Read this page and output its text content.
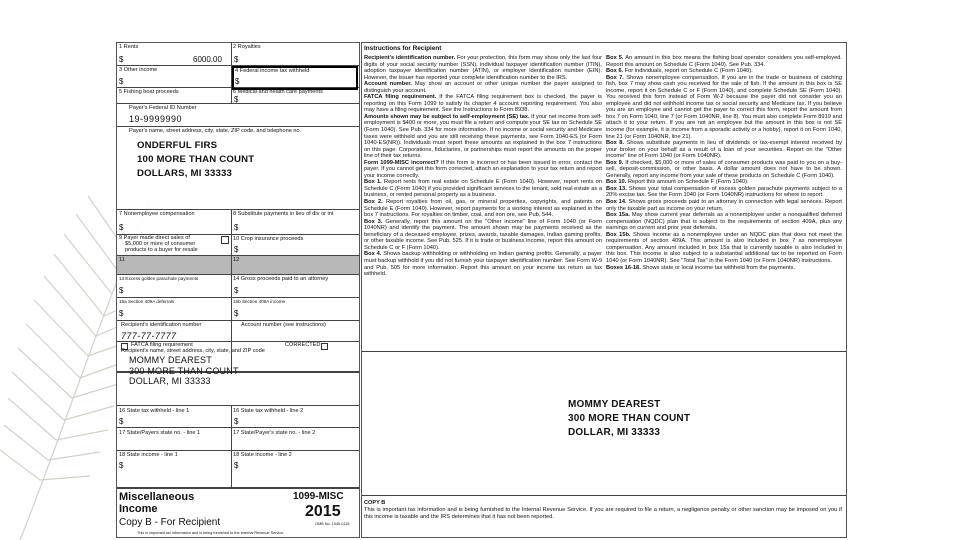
1 Rents
$	6000.00
2 Royalties
$
3 Other income
$
4 Federal income tax withheld
$
5 Fishing boat proceeds	6 Medical and health care payments
$
Payer's Federal ID Number
19-9999990
Payer's name, street address, city, state, ZIP code, and telephone no.
ONDERFUL FIRS
100 MORE THAN COUNT
DOLLARS, MI 33333
7 Nonemployee compensation
$
8 Substitute payments in lieu of div or int
$
9 Payer made direct sales of
$5,000 or more of consumer
products to a buyer for resale
10 Crop insurance proceeds
$
11	12
13 Excess golden parachute payments
$
14 Gross proceeds paid to an attorney
$
15a Section 409A deferrals
$
15b Section 409A income
$
Recipient's identification number	Account number (see instructions)
777-77-7777
FATCA filing requirement	CORRECTED
Recipient's name, street address, city, state, and ZIP code
MOMMY DEAREST
300 MORE THAN COUNT
DOLLAR, MI 33333
16 State tax withheld - line 1
$
16 State tax withheld - line 2
$
17 State/Payers state no. - line 1	17 State/Payer's state no. - line 2
18 State income - line 1
$
18 State income - line 2
$
Miscellaneous
Income
1099-MISC
2015
Copy B - For Recipient	OMB No. 1545-0115
This is important tax information and is being furnished to the Internal Revenue Service.
Instructions for Recipient
Recipient's identification number. For your protection, this form may show only the last four digits of your social security number (SSN), individual taxpayer identification number (ITIN), adoption taxpayer identification number (ATIN), or employer identification number (EIN). However, the issuer has reported your complete identification number to the IRS.
Account number. May show an account or other unique number the payer assigned to distinguish your account.
FATCA filing requirement. If the FATCA filing requirement box is checked, the payer is reporting on this Form 1099 to satisfy its chapter 4 account reporting requirement. You also may have a filing requirement. See the Instructions to Form 8938.
Amounts shown may be subject to self-employment (SE) tax. If your net income from self-employment is $400 or more, you must file a return and compute your SE tax on Schedule SE (Form 1040). See Pub. 334 for more information. If no income or social security and Medicare taxes were withheld and you are still receiving these payments, see Form 1040-ES (or Form 1040-ES(NR)). Individuals must report these amounts as explained in the box 7 instructions on this page. Corporations, fiduciaries, or partnerships must report the amounts on the proper line of their tax returns.
Form 1099-MISC incorrect? If this form is incorrect or has been issued in error, contact the payer. If you cannot get this form corrected, attach an explanation to your tax return and report your income correctly.
Box 1. Report rents from real estate on Schedule E (Form 1040). However, report rents on Schedule C (Form 1040) if you provided significant services to the tenant, sold real estate as a business, or rented personal property as a business.
Box 2. Report royalties from oil, gas, or mineral properties, copyrights, and patents on Schedule E (Form 1040). However, report payments for a working interest as explained in the box 7 instructions. For royalties on timber, coal, and iron ore, see Pub. 544.
Box 3. Generally, report this amount on the "Other income" line of Form 1040 (or Form 1040NR) and identify the payment. The amount shown may be payments received as the beneficiary of a deceased employee, prizes, awards, taxable damages, Indian gaming profits, or other taxable income. See Pub. 525. If it is trade or business income, report this amount on Schedule C or F (Form 1040).
Box 4. Shows backup withholding or withholding on Indian gaming profits. Generally, a payer must backup withhold if you did not furnish your taxpayer identification number. See Form W-9 and Pub. 505 for more information. Report this amount on your income tax return as tax withheld.
Box 5. An amount in this box means the fishing boat operator considers you self-employed. Report this amount on Schedule C (Form 1040). See Pub. 334.
Box 6. For individuals, report on Schedule C (Form 1040).
Box 7. Shows nonemployee compensation. If you are in the trade or business of catching fish, box 7 may show cash you received for the sale of fish. If the amount in this box is SE income, report it on Schedule C or F (Form 1040), and complete Schedule SE (Form 1040). You received this form instead of Form W-2 because the payer did not consider you an employee and did not withhold income tax or social security and Medicare tax. If you believe you are an employee and cannot get the payer to correct this form, report the amount from box 7 on Form 1040, line 7 (or Form 1040NR, line 8). You must also complete Form 8919 and attach it to your return. If you are not an employee but the amount in this box is not SE income (for example, it is income from a sporadic activity or a hobby), report it on Form 1040, line 21 (or Form 1040NR, line 21).
Box 8. Shows substitute payments in lieu of dividends or tax-exempt interest received by your broker on your behalf as a result of a loan of your securities. Report on the "Other income" line of Form 1040 (or Form 1040NR).
Box 9. If checked, $5,000 or more of sales of consumer products was paid to you on a buy-sell, deposit-commission, or other basis. A dollar amount does not have to be shown. Generally, report any income from your sale of these products on Schedule C (Form 1040).
Box 10. Report this amount on Schedule F (Form 1040).
Box 13. Shows your total compensation of excess golden parachute payments subject to a 20% excise tax. See the Form 1040 (or Form 1040NR) instructions for where to report.
Box 14. Shows gross proceeds paid to an attorney in connection with legal services. Report only the taxable part as income on your return.
Box 15a. May show current year deferrals as a nonemployee under a nonqualified deferred compensation (NQDC) plan that is subject to the requirements of section 409A, plus any earnings on current and prior year deferrals.
Box 15b. Shows income as a nonemployee under an NQDC plan that does not meet the requirements of section 409A. This amount is also included in box 7 as nonemployee compensation. Any amount included in box 15a that is currently taxable is also included in this box. This income is also subject to a substantial additional tax to be reported on Form 1040 (or Form 1040NR). See "Total Tax" in the Form 1040 (or Form 1040NR) instructions.
Boxes 16-18. Shows state or local income tax withheld from the payments.
MOMMY DEAREST
300 MORE THAN COUNT
DOLLAR, MI 33333
COPY B
This is important tax information and is being furnished to the Internal Revenue Service. If you are required to file a return, a negligence penalty or other sanction may be imposed on you if this income is taxable and the IRS determines that it has not been reported.
